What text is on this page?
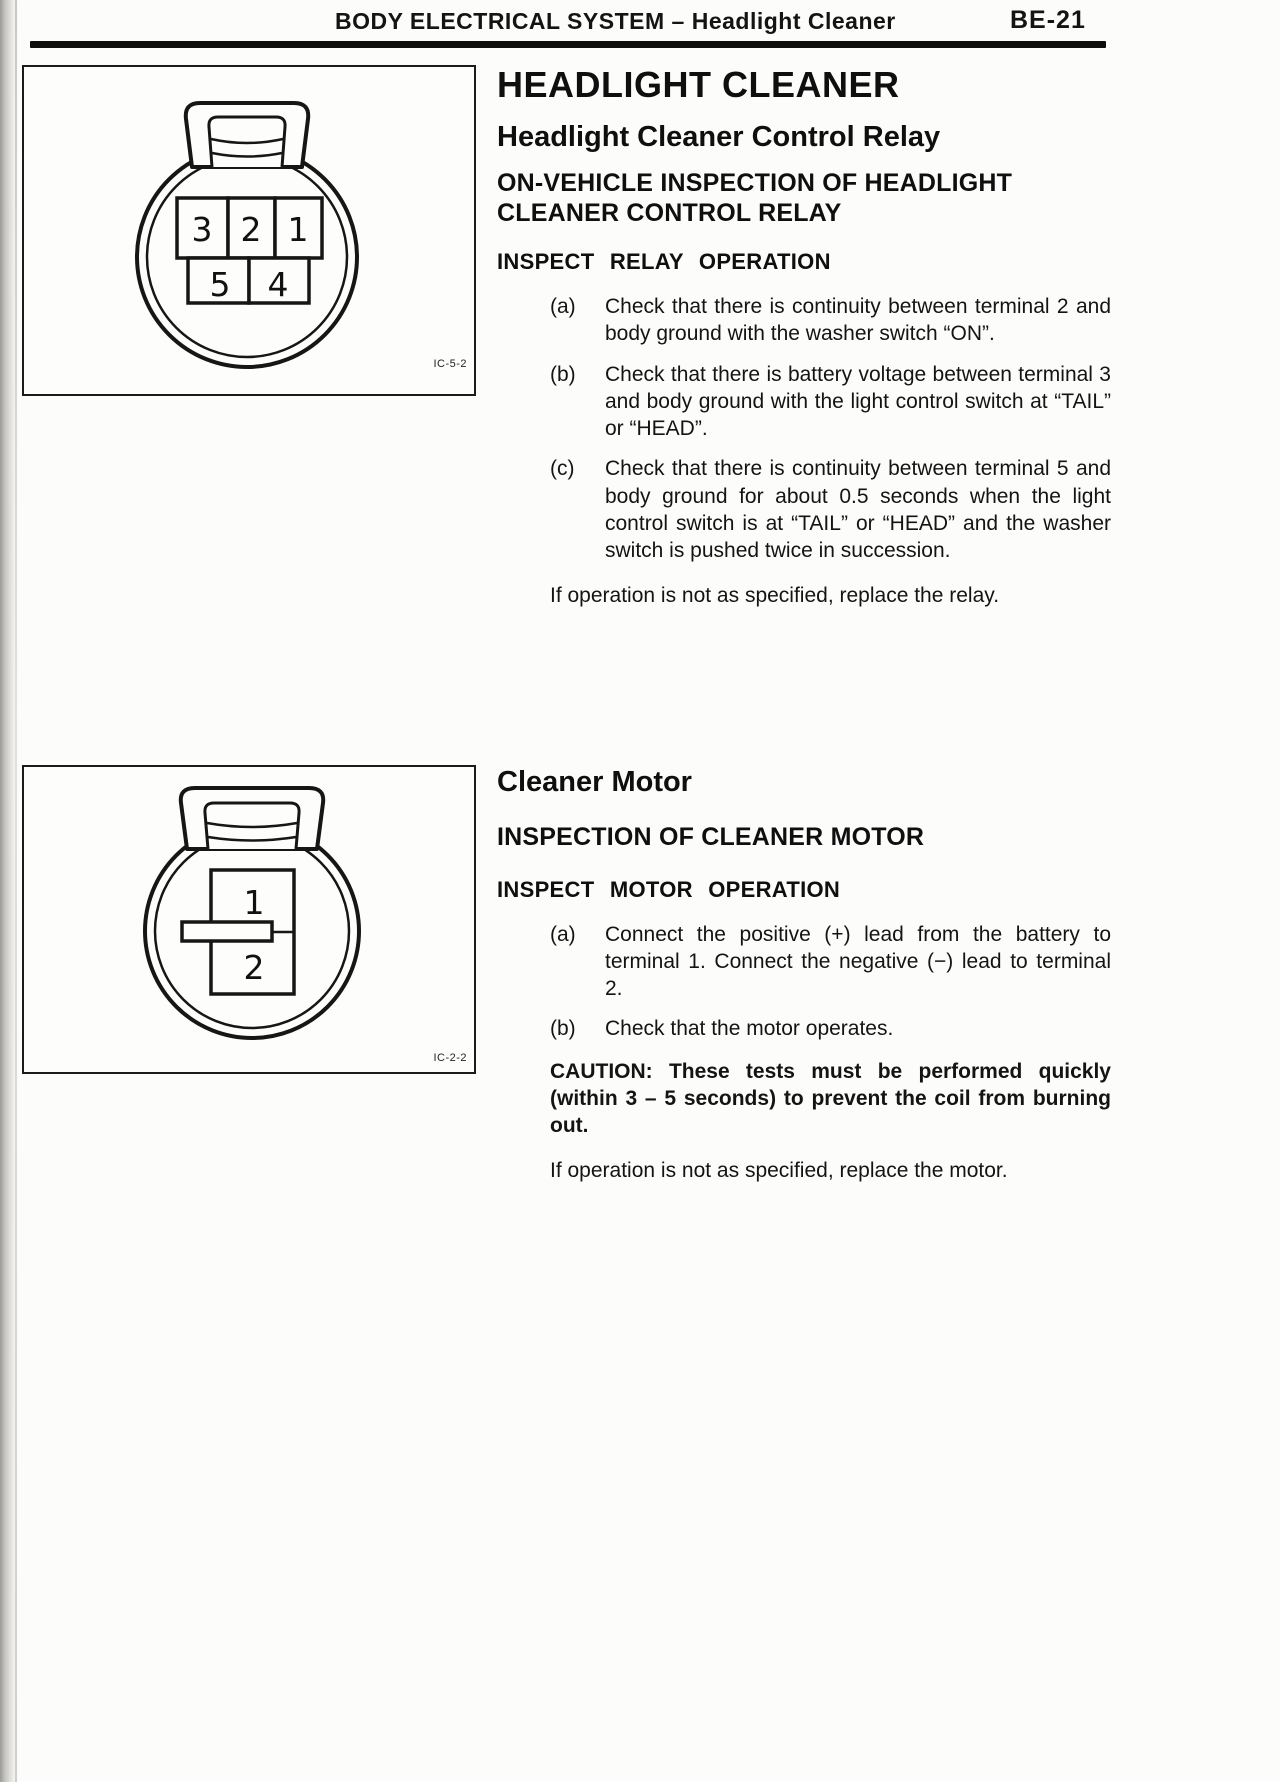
BODY ELECTRICAL SYSTEM – Headlight Cleaner	BE-21
3 2 1
5 4
IC-5-2
HEADLIGHT CLEANER
Headlight Cleaner Control Relay
ON-VEHICLE INSPECTION OF HEADLIGHT CLEANER CONTROL RELAY
INSPECT RELAY OPERATION
(a)	Check that there is continuity between terminal 2 and body ground with the washer switch “ON”.
(b)	Check that there is battery voltage between terminal 3 and body ground with the light control switch at “TAIL” or “HEAD”.
(c)	Check that there is continuity between terminal 5 and body ground for about 0.5 seconds when the light control switch is at “TAIL” or “HEAD” and the washer switch is pushed twice in succession.
If operation is not as specified, replace the relay.
1
2
IC-2-2
Cleaner Motor
INSPECTION OF CLEANER MOTOR
INSPECT MOTOR OPERATION
(a)	Connect the positive (+) lead from the battery to terminal 1. Connect the negative (−) lead to terminal 2.
(b)	Check that the motor operates.
CAUTION: These tests must be performed quickly (within 3 – 5 seconds) to prevent the coil from burning out.
If operation is not as specified, replace the motor.
